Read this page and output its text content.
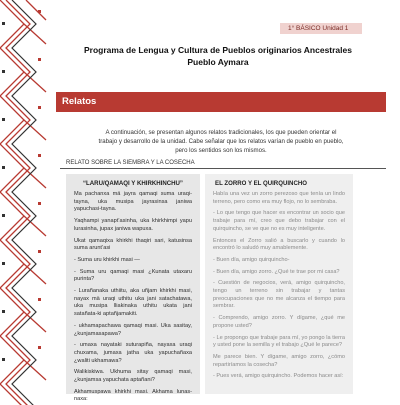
1° BÁSICO Unidad 1
Programa de Lengua y Cultura de Pueblos originarios Ancestrales
Pueblo Aymara
Relatos
A continuación, se presentan algunos relatos tradicionales, los que pueden orientar el trabajo y desarrollo de la unidad. Cabe señalar que los relatos varían de pueblo en pueblo, pero los sentidos son los mismos.
RELATO SOBRE LA SIEMBRA Y LA COSECHA
“LARU/QAMAQI Y KHIRKHINCHU”
Ma pachanxa mä jayra qamaqi suma uraqi-tayna, uka musipa jayrasinsa janiwa yapuchasi-tayna.
Yaqhampi yanapt’asinha, uka khirkhimpi yapu lurasinha, jupax janiwa wapuxa.
Ukat qamaqixa khirkhi thaqiri sari, katusinsa suma arunt’asi
- Suma uru khirkhi masi —
- Suma uru qamaqi masi ¿Kunata utaxaru purinta?
- Lurañanaka uthiitu, aka uñjam khirkhi masi, nayax mä uraqi uthitu uka jani satachatawa, uka musipa lliakinaka uthitu ukata jani satañata-ki aptañjamakiti.
- ukhamapachawa qamaqi masi. Uka sasitay, ¿kunjamasapawa?
- umaxa nayataki suturapiña, nayaxa uraqi chuxama, jumaxa jatha uka yapuchañaxa ¿waliti ukhamawa?
Walikiskiwa. Ukhuma sitay qamaqi masi, ¿kunjamsa yapuchata aptañani?
Akhamuspawa khirkhi masi. Akhama lunas-naxa:
EL ZORRO Y EL QUIRQUINCHO
Había una vez un zorro perezoso que tenía un lindo terreno, pero como era muy flojo, no lo sembraba.
- Lo que tengo que hacer es encontrar un socio que trabaje para mí, creo que debo trabajar con el quirquincho, se ve que no es muy inteligente.
Entonces el Zorro salió a buscarlo y cuando lo encontró lo saludó muy amablemente.
- Buen día, amigo quirquincho-
- Buen día, amigo zorro. ¿Qué te trae por mi casa?
- Cuestión de negocios, verá, amigo quirquincho, tengo un terreno sin trabajar y tantas preocupaciones que no me alcanza el tiempo para sembrar.
- Comprendo, amigo zorro. Y dígame, ¿qué me propone usted?
- Le propongo que trabaje para mí, yo pongo la tierra y usted pone la semilla y el trabajo ¿Qué le parece?
Me parece bien. Y dígame, amigo zorro, ¿cómo repartiríamos la cosecha?
- Pues verá, amigo quirquincho. Podemos hacer así:
